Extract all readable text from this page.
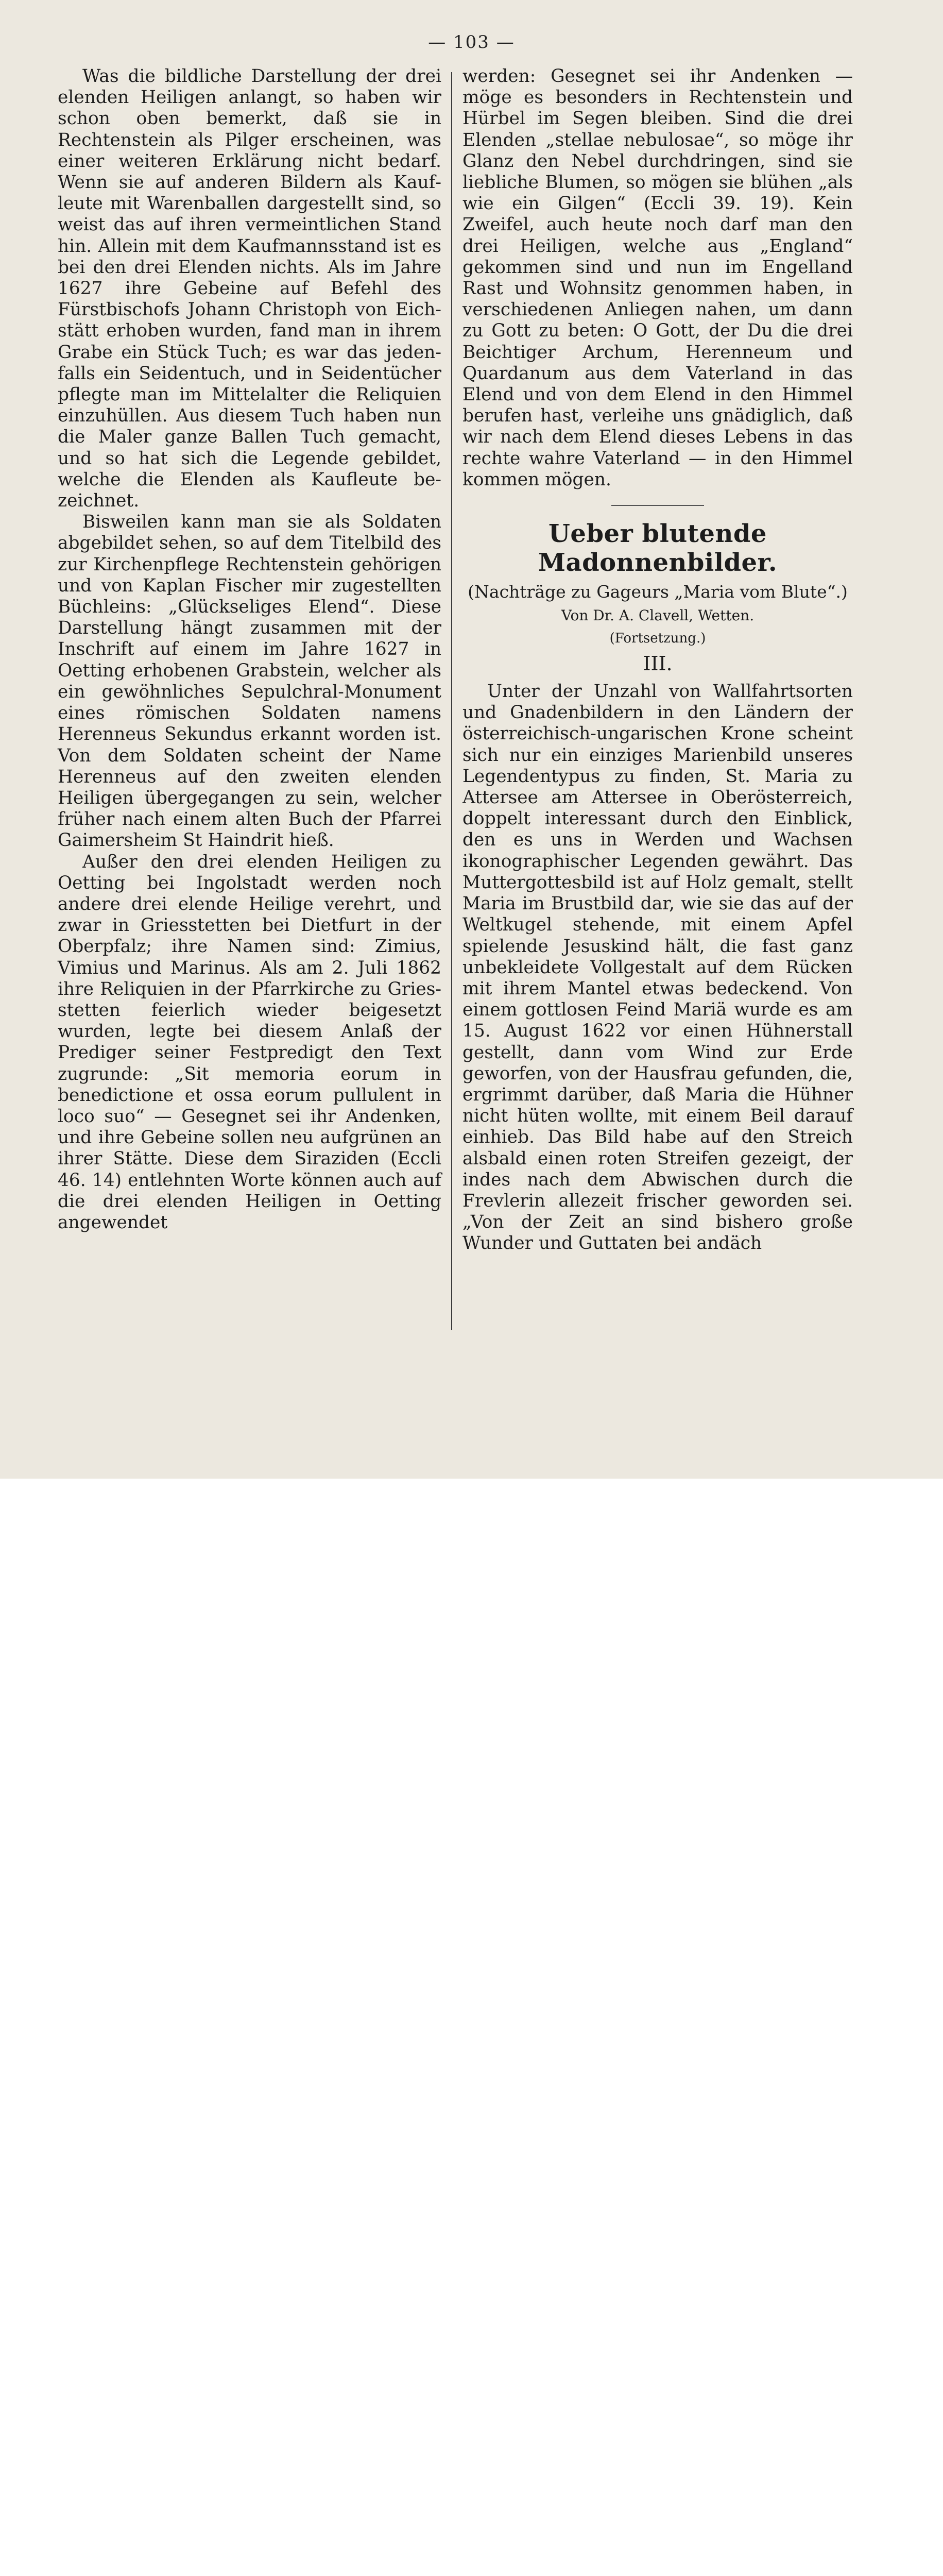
— 103 —

Was die bildliche Darstellung der drei elenden Heiligen anlangt, so haben wir schon oben bemerkt, daß sie in Rechtenstein als Pilger erscheinen, was einer weiteren Erklärung nicht bedarf. Wenn sie auf anderen Bildern als Kaufleute mit Warenballen dargestellt sind, so weist das auf ihren vermeintlichen Stand hin. Allein mit dem Kaufmannsstand ist es bei den drei Elenden nichts. Als im Jahre 1627 ihre Gebeine auf Befehl des Fürstbischofs Johann Christoph von Eichstätt erhoben wurden, fand man in ihrem Grabe ein Stück Tuch; es war das jedenfalls ein Seidentuch, und in Seidentücher pflegte man im Mittelalter die Reliquien einzuhüllen. Aus diesem Tuch haben nun die Maler ganze Ballen Tuch gemacht, und so hat sich die Legende gebildet, welche die Elenden als Kaufleute bezeichnet.

Bisweilen kann man sie als Soldaten abgebildet sehen, so auf dem Titelbild des zur Kirchenpflege Rechtenstein gehörigen und von Kaplan Fischer mir zugestellten Büchleins: „Glückseliges Elend“. Diese Darstellung hängt zusammen mit der Inschrift auf einem im Jahre 1627 in Oetting erhobenen Grabstein, welcher als ein gewöhnliches Sepulchral-Monument eines römischen Soldaten namens Herenneus Sekundus erkannt worden ist. Von dem Soldaten scheint der Name Herenneus auf den zweiten elenden Heiligen übergegangen zu sein, welcher früher nach einem alten Buch der Pfarrei Gaimersheim St Haindrit hieß.

Außer den drei elenden Heiligen zu Oetting bei Ingolstadt werden noch andere drei elende Heilige verehrt, und zwar in Griesstetten bei Dietfurt in der Oberpfalz; ihre Namen sind: Zimius, Vimius und Marinus. Als am 2. Juli 1862 ihre Reliquien in der Pfarrkirche zu Griesstetten feierlich wieder beigesetzt wurden, legte bei diesem Anlaß der Prediger seiner Festpredigt den Text zugrunde: „Sit memoria eorum in benedictione et ossa eorum pullulent in loco suo“ — Gesegnet sei ihr Andenken, und ihre Gebeine sollen neu aufgrünen an ihrer Stätte. Diese dem Siraziden (Eccli 46. 14) entlehnten Worte können auch auf die drei elenden Heiligen in Oetting angewendet

werden: Gesegnet sei ihr Andenken — möge es besonders in Rechtenstein und Hürbel im Segen bleiben. Sind die drei Elenden „stellae nebulosae“, so möge ihr Glanz den Nebel durchdringen, sind sie liebliche Blumen, so mögen sie blühen „als wie ein Gilgen“ (Eccli 39. 19). Kein Zweifel, auch heute noch darf man den drei Heiligen, welche aus „England“ gekommen sind und nun im Engelland Rast und Wohnsitz genommen haben, in verschiedenen Anliegen nahen, um dann zu Gott zu beten: O Gott, der Du die drei Beichtiger Archum, Herenneum und Quardanum aus dem Vaterland in das Elend und von dem Elend in den Himmel berufen hast, verleihe uns gnädiglich, daß wir nach dem Elend dieses Lebens in das rechte wahre Vaterland — in den Himmel kommen mögen.

Ueber blutende Madonnenbilder.
(Nachträge zu Gageurs „Maria vom Blute“.)
Von Dr. A. Clavell, Wetten.
(Fortsetzung.)
III.

Unter der Unzahl von Wallfahrtsorten und Gnadenbildern in den Ländern der österreichisch-ungarischen Krone scheint sich nur ein einziges Marienbild unseres Legendentypus zu finden, St. Maria zu Attersee am Attersee in Oberösterreich, doppelt interessant durch den Einblick, den es uns in Werden und Wachsen ikonographischer Legenden gewährt. Das Muttergottesbild ist auf Holz gemalt, stellt Maria im Brustbild dar, wie sie das auf der Weltkugel stehende, mit einem Apfel spielende Jesuskind hält, die fast ganz unbekleidete Vollgestalt auf dem Rücken mit ihrem Mantel etwas bedeckend. Von einem gottlosen Feind Mariä wurde es am 15. August 1622 vor einen Hühnerstall gestellt, dann vom Wind zur Erde geworfen, von der Hausfrau gefunden, die, ergrimmt darüber, daß Maria die Hühner nicht hüten wollte, mit einem Beil darauf einhieb. Das Bild habe auf den Streich alsbald einen roten Streifen gezeigt, der indes nach dem Abwischen durch die Frevlerin allezeit frischer geworden sei. „Von der Zeit an sind bishero große Wunder und Guttaten bei andäch
